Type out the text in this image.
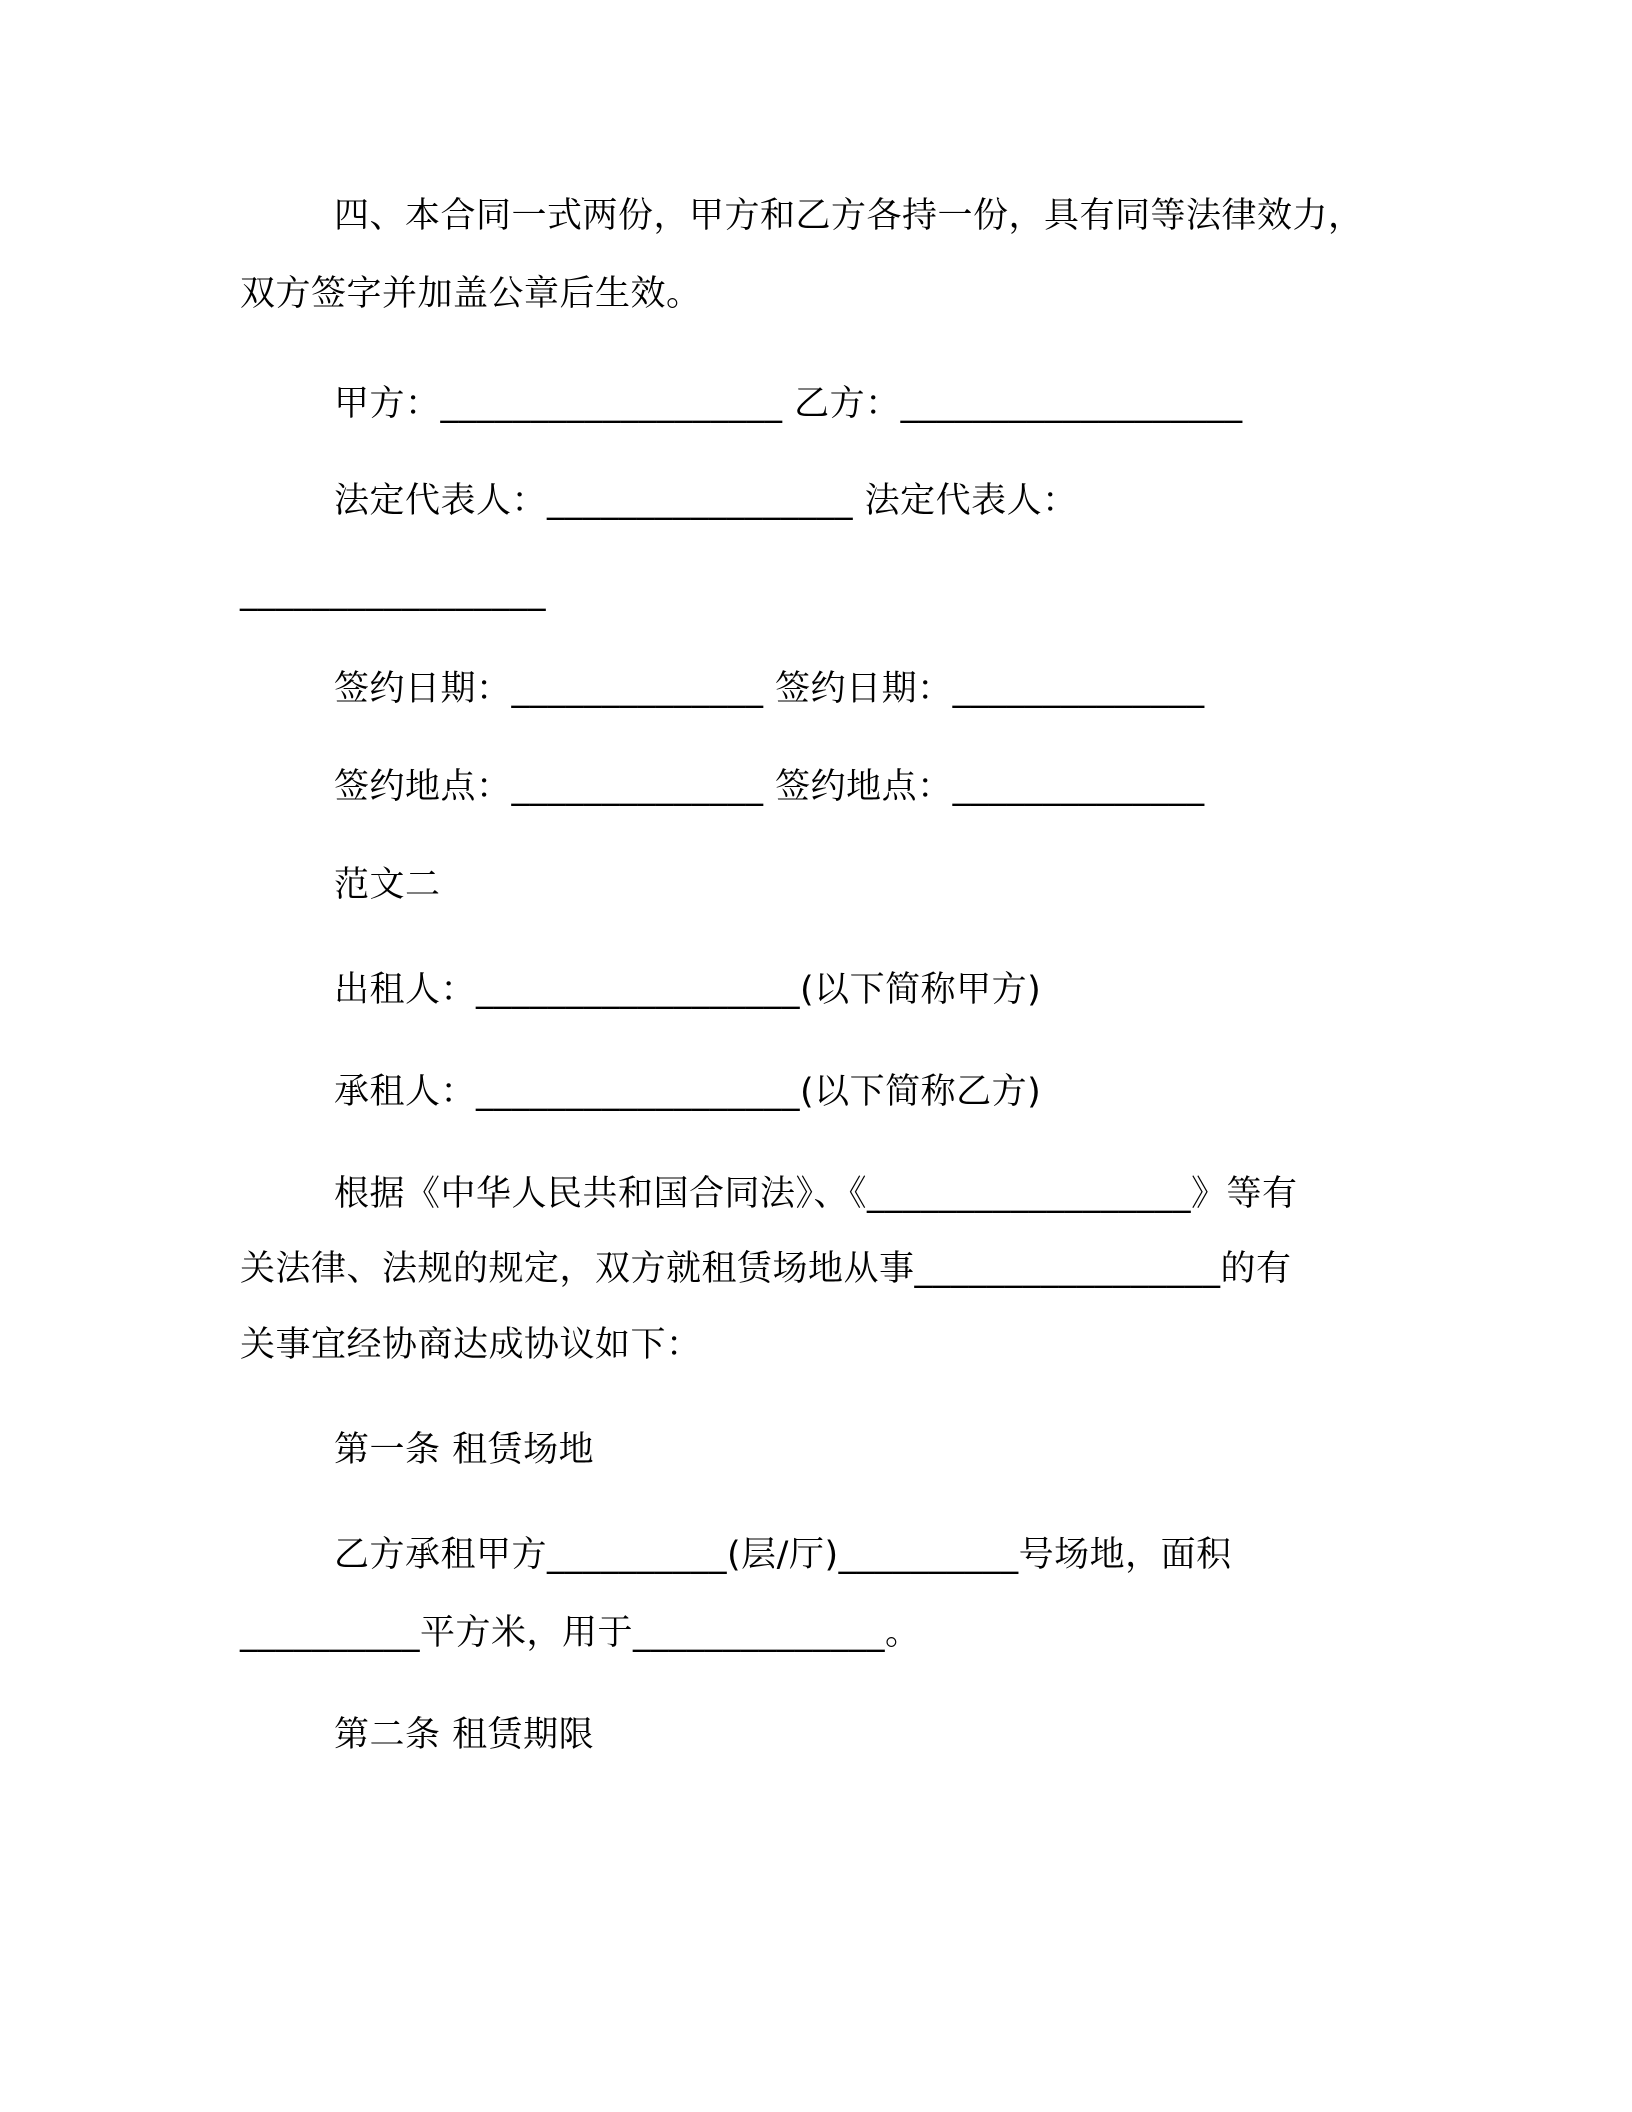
四、本合同一式两份，甲方和乙方各持一份，具有同等法律效力，
双方签字并加盖公章后生效。
甲方：___________________ 乙方：___________________
法定代表人：_________________ 法定代表人：
_________________
签约日期：______________ 签约日期：______________
签约地点：______________ 签约地点：______________
范文二
出租人：__________________(以下简称甲方)
承租人：__________________(以下简称乙方)
根据《中华人民共和国合同法》、《__________________》等有
关法律、法规的规定，双方就租赁场地从事_________________的有
关事宜经协商达成协议如下：
第一条 租赁场地
乙方承租甲方__________(层/厅)__________号场地，面积
__________平方米，用于______________。
第二条 租赁期限
